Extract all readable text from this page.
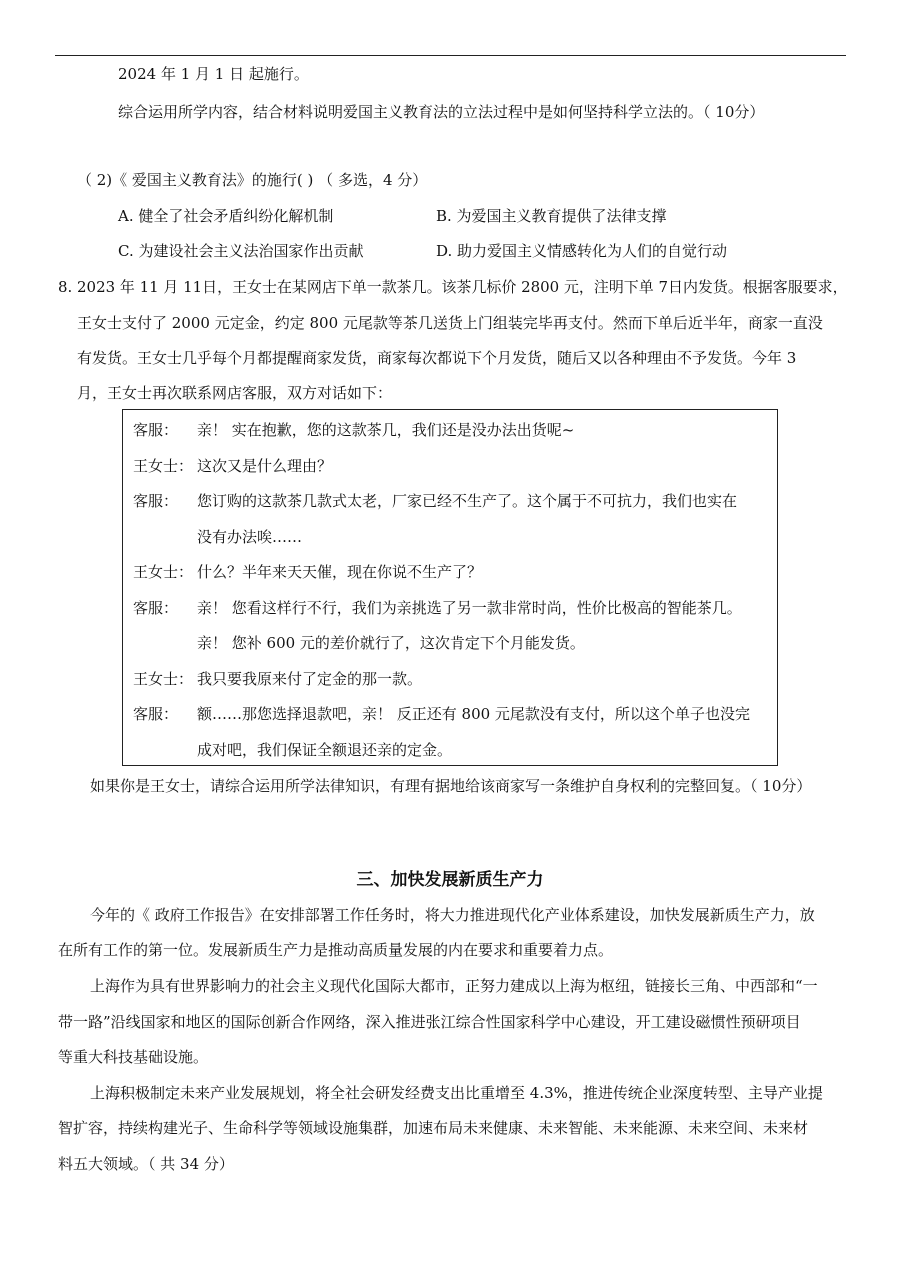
2024 年 1 月 1 日 起施行。
综合运用所学内容，结合材料说明爱国主义教育法的立法过程中是如何坚持科学立法的。（ 10分）
（ 2)《 爱国主义教育法》的施行( ) （ 多选，4 分）
A. 健全了社会矛盾纠纷化解机制	B. 为爱国主义教育提供了法律支撑
C. 为建设社会主义法治国家作出贡献	D. 助力爱国主义情感转化为人们的自觉行动
8. 2023 年 11 月 11日，王女士在某网店下单一款茶几。该茶几标价 2800 元，注明下单 7日内发货。根据客服要求，
王女士支付了 2000 元定金，约定 800 元尾款等茶几送货上门组装完毕再支付。然而下单后近半年，商家一直没
有发货。王女士几乎每个月都提醒商家发货，商家每次都说下个月发货，随后又以各种理由不予发货。今年 3
月，王女士再次联系网店客服，双方对话如下：
客服： 亲！ 实在抱歉，您的这款茶几，我们还是没办法出货呢~
王女士： 这次又是什么理由？
客服： 您订购的这款茶几款式太老，厂家已经不生产了。这个属于不可抗力，我们也实在
没有办法唉……
王女士： 什么？半年来天天催，现在你说不生产了？
客服： 亲！ 您看这样行不行，我们为亲挑选了另一款非常时尚，性价比极高的智能茶几。
亲！ 您补 600 元的差价就行了，这次肯定下个月能发货。
王女士： 我只要我原来付了定金的那一款。
客服： 额……那您选择退款吧，亲！ 反正还有 800 元尾款没有支付，所以这个单子也没完
成对吧，我们保证全额退还亲的定金。
如果你是王女士，请综合运用所学法律知识，有理有据地给该商家写一条维护自身权利的完整回复。（ 10分）
三、加快发展新质生产力
今年的《 政府工作报告》在安排部署工作任务时，将大力推进现代化产业体系建设，加快发展新质生产力，放
在所有工作的第一位。发展新质生产力是推动高质量发展的内在要求和重要着力点。
上海作为具有世界影响力的社会主义现代化国际大都市，正努力建成以上海为枢纽，链接长三角、中西部和“一
带一路”沿线国家和地区的国际创新合作网络，深入推进张江综合性国家科学中心建设，开工建设磁惯性预研项目
等重大科技基础设施。
上海积极制定未来产业发展规划，将全社会研发经费支出比重增至 4.3%，推进传统企业深度转型、主导产业提
智扩容，持续构建光子、生命科学等领域设施集群，加速布局未来健康、未来智能、未来能源、未来空间、未来材
料五大领域。（ 共 34 分）
